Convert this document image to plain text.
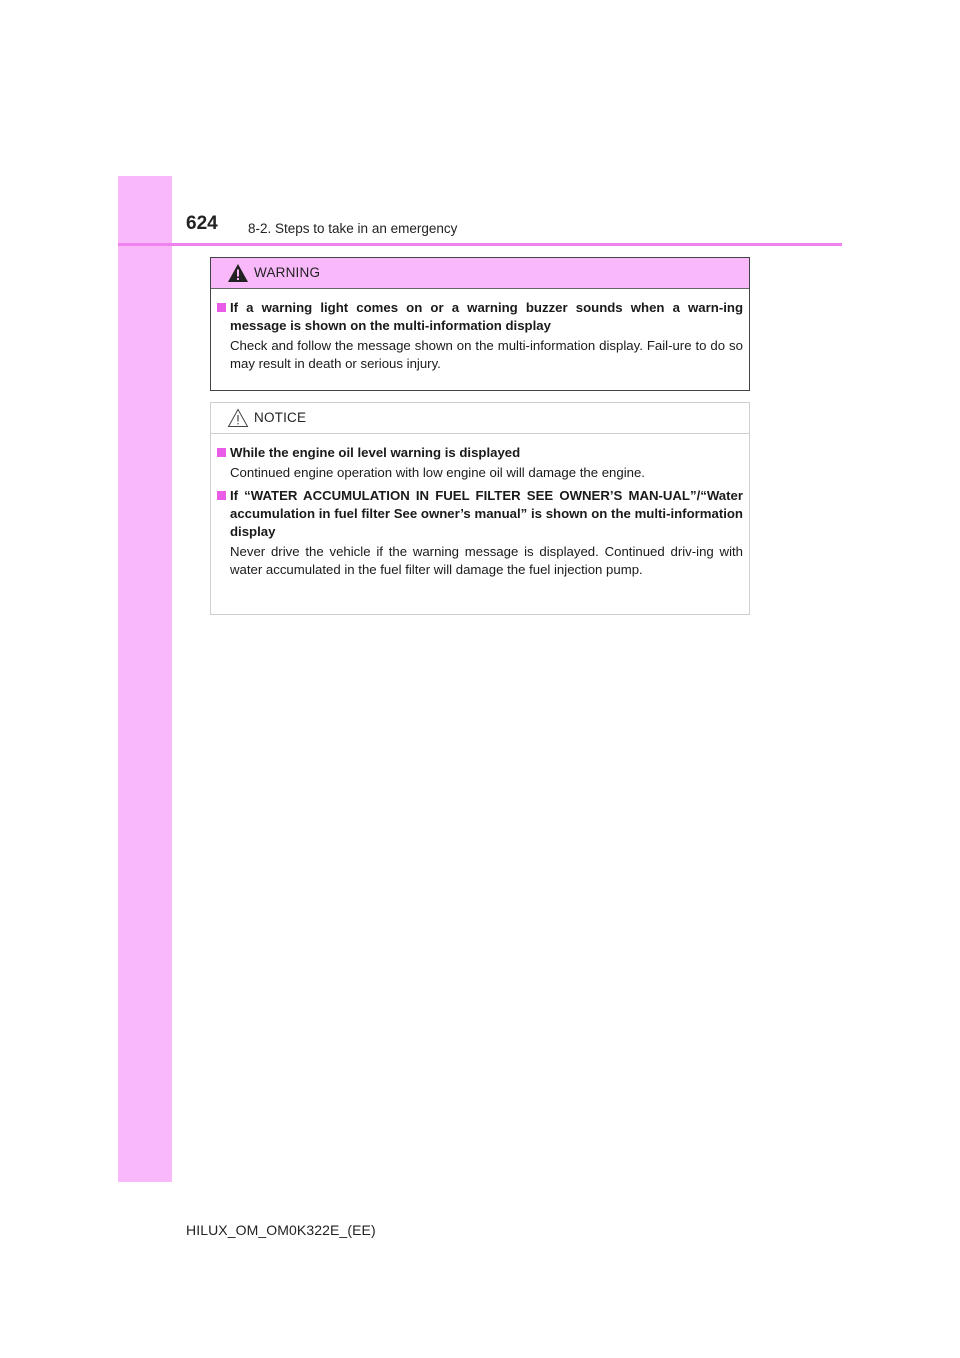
624 8-2. Steps to take in an emergency
WARNING
If a warning light comes on or a warning buzzer sounds when a warn-ing message is shown on the multi-information display
Check and follow the message shown on the multi-information display. Fail-ure to do so may result in death or serious injury.
NOTICE
While the engine oil level warning is displayed
Continued engine operation with low engine oil will damage the engine.
If “WATER ACCUMULATION IN FUEL FILTER SEE OWNER’S MAN-UAL”/“Water accumulation in fuel filter See owner’s manual” is shown on the multi-information display
Never drive the vehicle if the warning message is displayed. Continued driv-ing with water accumulated in the fuel filter will damage the fuel injection pump.
HILUX_OM_OM0K322E_(EE)
